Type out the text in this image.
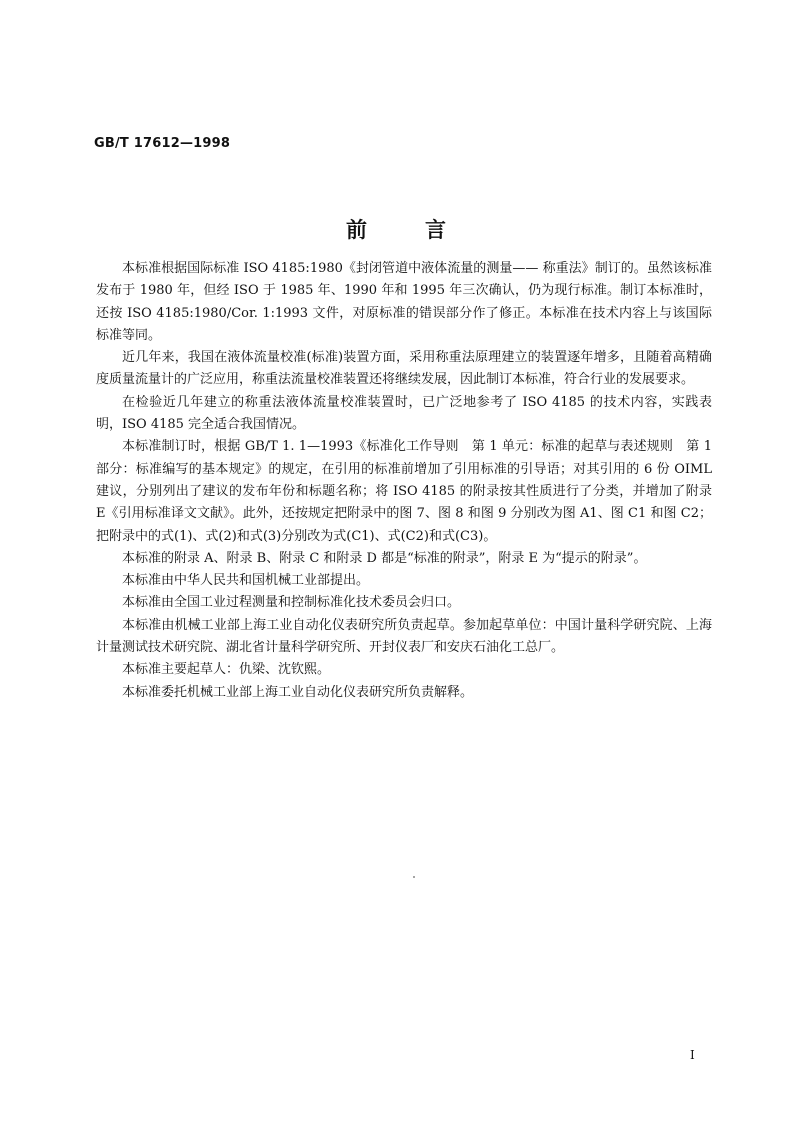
GB/T 17612—1998
前	言

本标准根据国际标准 ISO 4185:1980《封闭管道中液体流量的测量—— 称重法》制订的。虽然该标准发布于 1980 年，但经 ISO 于 1985 年、1990 年和 1995 年三次确认，仍为现行标准。制订本标准时，还按 ISO 4185:1980/Cor. 1:1993 文件，对原标准的错误部分作了修正。本标准在技术内容上与该国际标准等同。

近几年来，我国在液体流量校准(标准)装置方面，采用称重法原理建立的装置逐年增多，且随着高精确度质量流量计的广泛应用，称重法流量校准装置还将继续发展，因此制订本标准，符合行业的发展要求。

在检验近几年建立的称重法液体流量校准装置时，已广泛地参考了 ISO 4185 的技术内容，实践表明，ISO 4185 完全适合我国情况。

本标准制订时，根据 GB/T 1. 1—1993《标准化工作导则　第 1 单元：标准的起草与表述规则　第 1 部分：标准编写的基本规定》的规定，在引用的标准前增加了引用标准的引导语；对其引用的 6 份 OIML 建议，分别列出了建议的发布年份和标题名称；将 ISO 4185 的附录按其性质进行了分类，并增加了附录 E《引用标准译文文献》。此外，还按规定把附录中的图 7、图 8 和图 9 分别改为图 A1、图 C1 和图 C2；把附录中的式(1)、式(2)和式(3)分别改为式(C1)、式(C2)和式(C3)。

本标准的附录 A、附录 B、附录 C 和附录 D 都是“标准的附录”，附录 E 为“提示的附录”。

本标准由中华人民共和国机械工业部提出。

本标准由全国工业过程测量和控制标准化技术委员会归口。

本标准由机械工业部上海工业自动化仪表研究所负责起草。参加起草单位：中国计量科学研究院、上海计量测试技术研究院、湖北省计量科学研究所、开封仪表厂和安庆石油化工总厂。

本标准主要起草人：仇梁、沈钦熙。

本标准委托机械工业部上海工业自动化仪表研究所负责解释。

I
